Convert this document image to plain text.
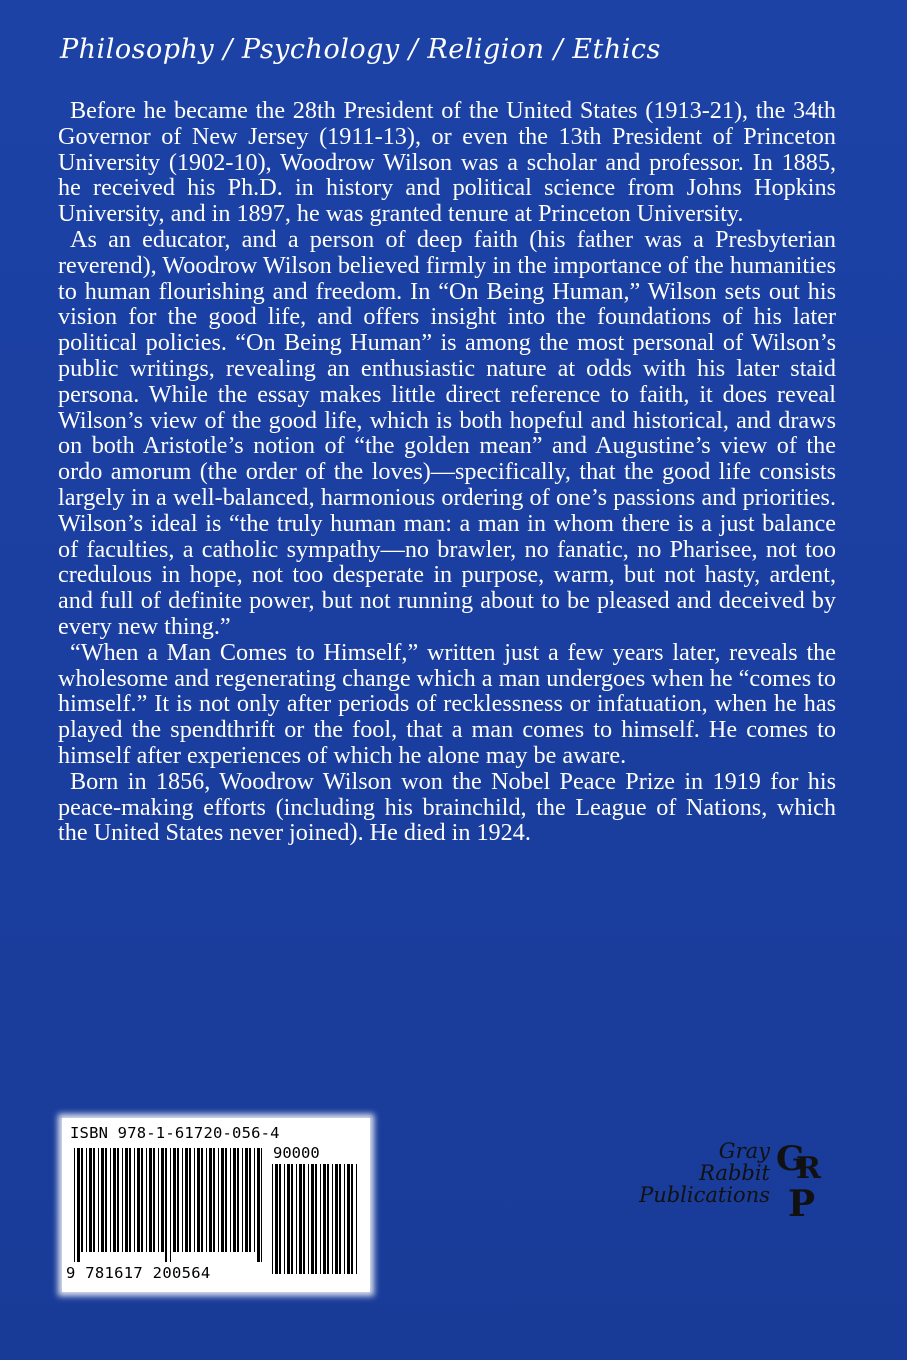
Philosophy / Psychology / Religion / Ethics

Before he became the 28th President of the United States (1913-21), the 34th Governor of New Jersey (1911-13), or even the 13th President of Princeton University (1902-10), Woodrow Wilson was a scholar and professor. In 1885, he received his Ph.D. in history and political science from Johns Hopkins University, and in 1897, he was granted tenure at Princeton University.

As an educator, and a person of deep faith (his father was a Presbyterian reverend), Woodrow Wilson believed firmly in the importance of the humanities to human flourishing and freedom. In “On Being Human,” Wilson sets out his vision for the good life, and offers insight into the foundations of his later political policies. “On Being Human” is among the most personal of Wilson’s public writings, revealing an enthusiastic nature at odds with his later staid persona. While the essay makes little direct reference to faith, it does reveal Wilson’s view of the good life, which is both hopeful and historical, and draws on both Aristotle’s notion of “the golden mean” and Augustine’s view of the ordo amorum (the order of the loves)—specifically, that the good life consists largely in a well-balanced, harmonious ordering of one’s passions and priorities. Wilson’s ideal is “the truly human man: a man in whom there is a just balance of faculties, a catholic sympathy—no brawler, no fanatic, no Pharisee, not too credulous in hope, not too desperate in purpose, warm, but not hasty, ardent, and full of definite power, but not running about to be pleased and deceived by every new thing.”

“When a Man Comes to Himself,” written just a few years later, reveals the wholesome and regenerating change which a man undergoes when he “comes to himself.” It is not only after periods of recklessness or infatuation, when he has played the spendthrift or the fool, that a man comes to himself. He comes to himself after experiences of which he alone may be aware.

Born in 1856, Woodrow Wilson won the Nobel Peace Prize in 1919 for his peace-making efforts (including his brainchild, the League of Nations, which the United States never joined). He died in 1924.

ISBN 978-1-61720-056-4
90000
9 781617 200564
Gray
Rabbit
Publications
G
R
P
